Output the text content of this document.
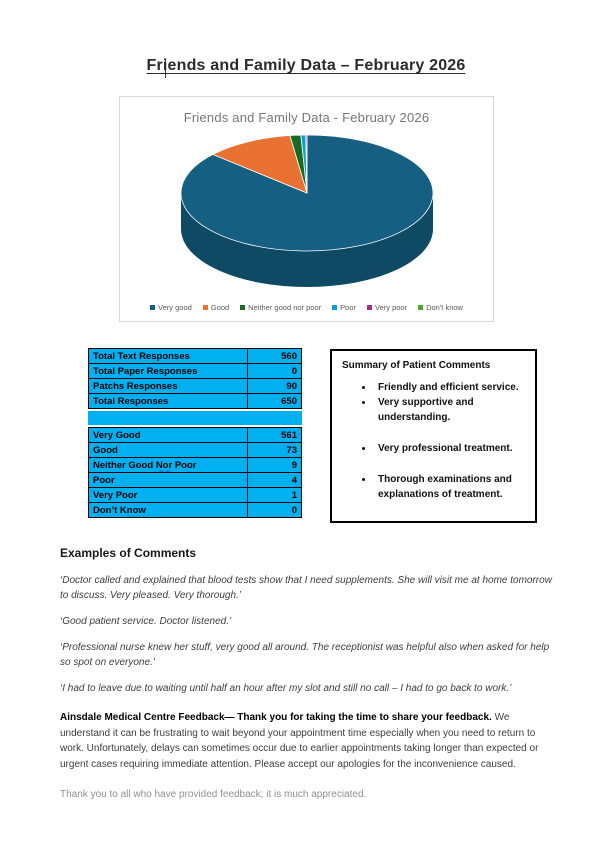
Friends and Family Data – February 2026
Friends and Family Data - February 2026
Very good	Good	Neither good nor poor	Poor	Very poor	Don't know
Total Text Responses	560
Total Paper Responses	0
Patchs Responses	90
Total Responses	650
Very Good	561
Good	73
Neither Good Nor Poor	9
Poor	4
Very Poor	1
Don’t Know	0
Summary of Patient Comments
• Friendly and efficient service.
• Very supportive and understanding.
• Very professional treatment.
• Thorough examinations and explanations of treatment.
Examples of Comments

‘Doctor called and explained that blood tests show that I need supplements. She will visit me at home tomorrow to discuss. Very pleased. Very thorough.’

‘Good patient service. Doctor listened.’

‘Professional nurse knew her stuff, very good all around. The receptionist was helpful also when asked for help so spot on everyone.’

‘I had to leave due to waiting until half an hour after my slot and still no call – I had to go back to work.’

Ainsdale Medical Centre Feedback— Thank you for taking the time to share your feedback. We understand it can be frustrating to wait beyond your appointment time especially when you need to return to work. Unfortunately, delays can sometimes occur due to earlier appointments taking longer than expected or urgent cases requiring immediate attention. Please accept our apologies for the inconvenience caused.

Thank you to all who have provided feedback; it is much appreciated.
